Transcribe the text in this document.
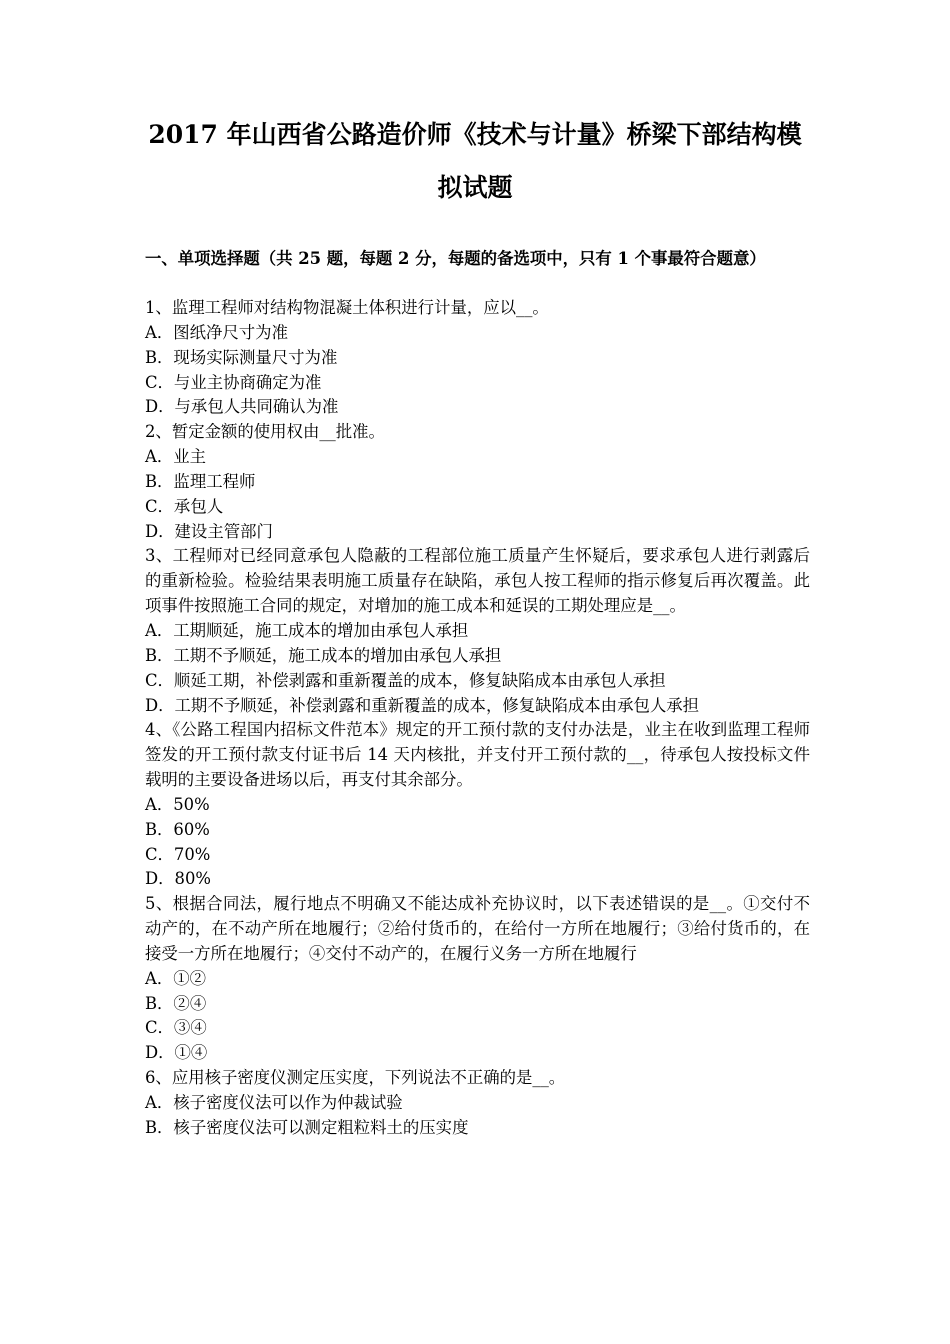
2017 年山西省公路造价师《技术与计量》桥梁下部结构模
拟试题
一、单项选择题（共 25 题，每题 2 分，每题的备选项中，只有 1 个事最符合题意）

1、监理工程师对结构物混凝土体积进行计量，应以__。

A．图纸净尺寸为准
B．现场实际测量尺寸为准
C．与业主协商确定为准
D．与承包人共同确认为准

2、暂定金额的使用权由__批准。

A．业主
B．监理工程师
C．承包人
D．建设主管部门

3、工程师对已经同意承包人隐蔽的工程部位施工质量产生怀疑后，要求承包人进行剥露后的重新检验。检验结果表明施工质量存在缺陷，承包人按工程师的指示修复后再次覆盖。此项事件按照施工合同的规定，对增加的施工成本和延误的工期处理应是__。

A．工期顺延，施工成本的增加由承包人承担
B．工期不予顺延，施工成本的增加由承包人承担
C．顺延工期，补偿剥露和重新覆盖的成本，修复缺陷成本由承包人承担
D．工期不予顺延，补偿剥露和重新覆盖的成本，修复缺陷成本由承包人承担

4、《公路工程国内招标文件范本》规定的开工预付款的支付办法是，业主在收到监理工程师签发的开工预付款支付证书后 14 天内核批，并支付开工预付款的__，待承包人按投标文件载明的主要设备进场以后，再支付其余部分。

A．50%
B．60%
C．70%
D．80%

5、根据合同法，履行地点不明确又不能达成补充协议时，以下表述错误的是__。①交付不动产的，在不动产所在地履行；②给付货币的，在给付一方所在地履行；③给付货币的，在接受一方所在地履行；④交付不动产的，在履行义务一方所在地履行

A．①②
B．②④
C．③④
D．①④

6、应用核子密度仪测定压实度，下列说法不正确的是__。

A．核子密度仪法可以作为仲裁试验
B．核子密度仪法可以测定粗粒料土的压实度
